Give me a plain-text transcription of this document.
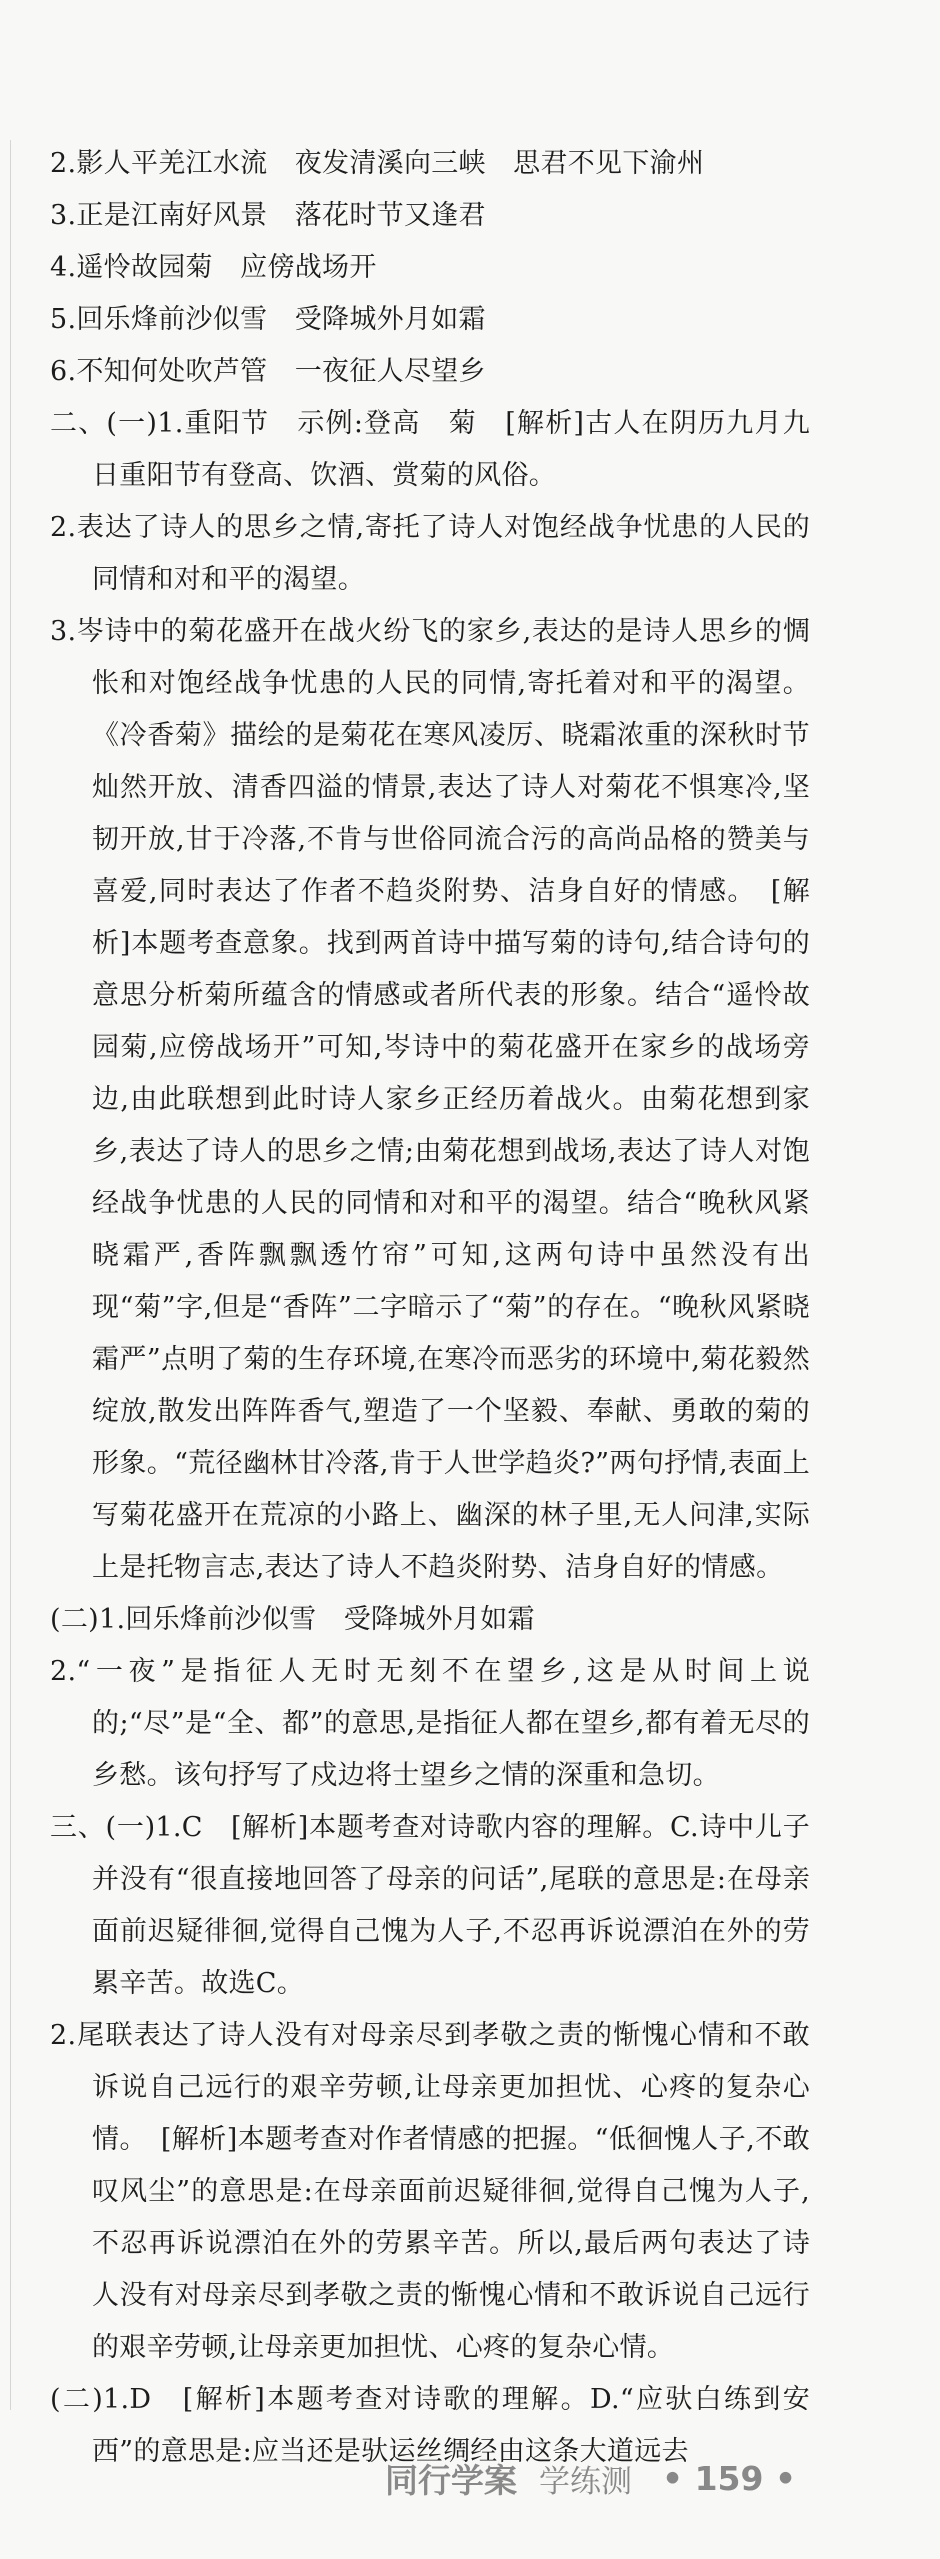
2.影人平羌江水流　夜发清溪向三峡　思君不见下渝州

3.正是江南好风景　落花时节又逢君

4.遥怜故园菊　应傍战场开

5.回乐烽前沙似雪　受降城外月如霜

6.不知何处吹芦管　一夜征人尽望乡

二、(一)1.重阳节　示例:登高　菊　[解析]古人在阴历九月九日重阳节有登高、饮酒、赏菊的风俗。

2.表达了诗人的思乡之情,寄托了诗人对饱经战争忧患的人民的同情和对和平的渴望。

3.岑诗中的菊花盛开在战火纷飞的家乡,表达的是诗人思乡的惆怅和对饱经战争忧患的人民的同情,寄托着对和平的渴望。《冷香菊》描绘的是菊花在寒风凌厉、晓霜浓重的深秋时节灿然开放、清香四溢的情景,表达了诗人对菊花不惧寒冷,坚韧开放,甘于冷落,不肯与世俗同流合污的高尚品格的赞美与喜爱,同时表达了作者不趋炎附势、洁身自好的情感。　[解析]本题考查意象。找到两首诗中描写菊的诗句,结合诗句的意思分析菊所蕴含的情感或者所代表的形象。结合“遥怜故园菊,应傍战场开”可知,岑诗中的菊花盛开在家乡的战场旁边,由此联想到此时诗人家乡正经历着战火。由菊花想到家乡,表达了诗人的思乡之情;由菊花想到战场,表达了诗人对饱经战争忧患的人民的同情和对和平的渴望。结合“晚秋风紧晓霜严,香阵飘飘透竹帘”可知,这两句诗中虽然没有出现“菊”字,但是“香阵”二字暗示了“菊”的存在。“晚秋风紧晓霜严”点明了菊的生存环境,在寒冷而恶劣的环境中,菊花毅然绽放,散发出阵阵香气,塑造了一个坚毅、奉献、勇敢的菊的形象。“荒径幽林甘冷落,肯于人世学趋炎?”两句抒情,表面上写菊花盛开在荒凉的小路上、幽深的林子里,无人问津,实际上是托物言志,表达了诗人不趋炎附势、洁身自好的情感。

(二)1.回乐烽前沙似雪　受降城外月如霜

2.“一夜”是指征人无时无刻不在望乡,这是从时间上说的;“尽”是“全、都”的意思,是指征人都在望乡,都有着无尽的乡愁。该句抒写了戍边将士望乡之情的深重和急切。

三、(一)1.C　[解析]本题考查对诗歌内容的理解。C.诗中儿子并没有“很直接地回答了母亲的问话”,尾联的意思是:在母亲面前迟疑徘徊,觉得自己愧为人子,不忍再诉说漂泊在外的劳累辛苦。故选C。

2.尾联表达了诗人没有对母亲尽到孝敬之责的惭愧心情和不敢诉说自己远行的艰辛劳顿,让母亲更加担忧、心疼的复杂心情。　[解析]本题考查对作者情感的把握。“低徊愧人子,不敢叹风尘”的意思是:在母亲面前迟疑徘徊,觉得自己愧为人子,不忍再诉说漂泊在外的劳累辛苦。所以,最后两句表达了诗人没有对母亲尽到孝敬之责的惭愧心情和不敢诉说自己远行的艰辛劳顿,让母亲更加担忧、心疼的复杂心情。

(二)1.D　[解析]本题考查对诗歌的理解。D.“应驮白练到安西”的意思是:应当还是驮运丝绸经由这条大道远去

同行学案 学练测 • 159 •
